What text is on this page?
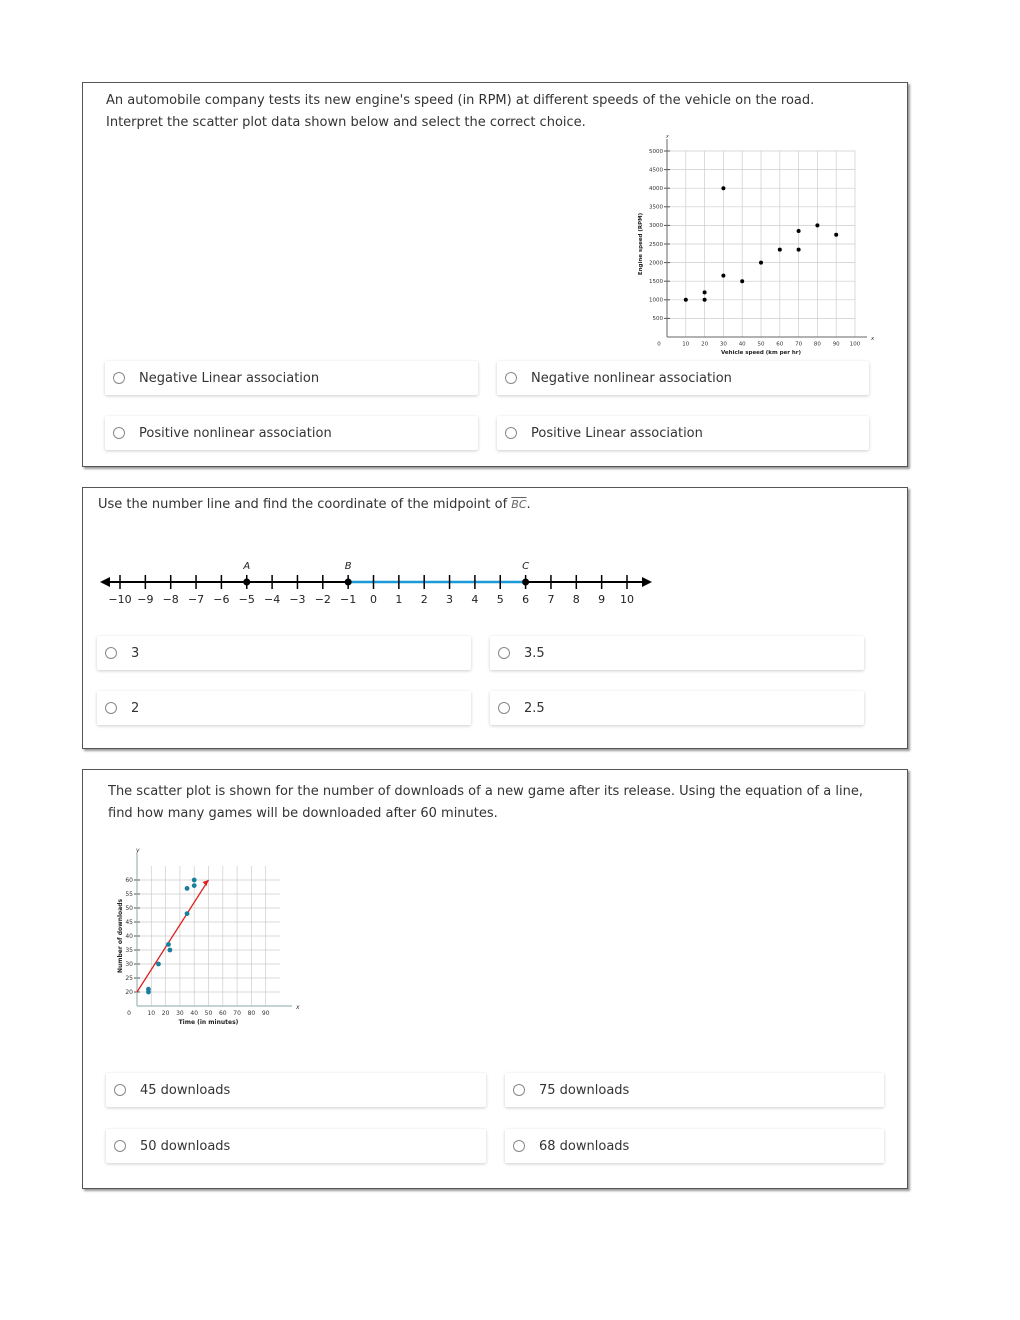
An automobile company tests its new engine's speed (in RPM) at different speeds of the vehicle on the road. Interpret the scatter plot data shown below and select the correct choice.
10 20 30 40 50 60 70 80 90 100
500
1000
1500
2000
2500
3000
3500
4000
4500
5000
x
y
0
Vehicle speed (km per hr)
Engine speed (RPM)
Negative Linear association	Negative nonlinear association
Positive nonlinear association	Positive Linear association
Use the number line and find the coordinate of the midpoint of $\overline{BC}$.
−10 −9 −8 −7 −6 −5 −4 −3 −2 −1 0 1 2 3 4 5 6 7 8 9 10
A	B	C
3	3.5
2	2.5
The scatter plot is shown for the number of downloads of a new game after its release. Using the equation of a line, find how many games will be downloaded after 60 minutes.
10 20 30 40 50 60 70 80 90
20
25
30
35
40
45
50
55
60
x
y
0
Time (in minutes)
Number of downloads
45 downloads	75 downloads
50 downloads	68 downloads
